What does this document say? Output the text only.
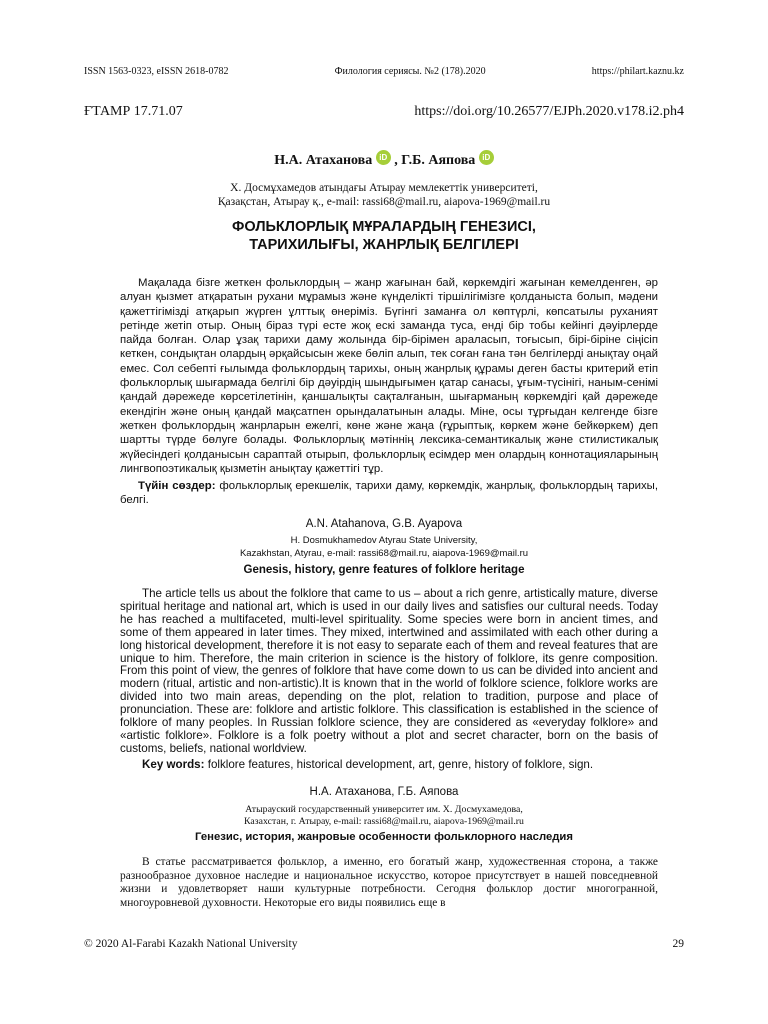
ISSN 1563-0323, eISSN 2618-0782	Филология сериясы. №2 (178).2020	https://philart.kaznu.kz
ҒТАМР 17.71.07	https://doi.org/10.26577/EJPh.2020.v178.i2.ph4
Н.А. Атаханова iD , Г.Б. Аяпова iD
Х. Досмұхамедов атындағы Атырау мемлекеттік университеті,
Қазақстан, Атырау қ., e-mail: rassi68@mail.ru, aiapova-1969@mail.ru
ФОЛЬКЛОРЛЫҚ МҰРАЛАРДЫҢ ГЕНЕЗИСІ,
ТАРИХИЛЫҒЫ, ЖАНРЛЫҚ БЕЛГІЛЕРІ

Мақалада бізге жеткен фольклордың – жанр жағынан бай, көркемдігі жағынан кемелденген, әр алуан қызмет атқаратын рухани мұрамыз және күнделікті тіршілігімізге қолданыста болып, мәдени қажеттігімізді атқарып жүрген ұлттық өнеріміз. Бүгінгі заманға ол көптүрлі, көпсатылы руханият ретінде жетіп отыр. Оның біраз түрі есте жоқ ескі заманда туса, енді бір тобы кейінгі дәуірлерде пайда болған. Олар ұзақ тарихи даму жолында бір-бірімен араласып, тоғысып, бірі-біріне сіңісіп кеткен, сондықтан олардың әрқайсысын жеке бөліп алып, тек соған ғана тән белгілерді анықтау оңай емес. Сол себепті ғылымда фольклордың тарихы, оның жанрлық құрамы деген басты критерий етіп фольклорлық шығармада белгілі бір дәуірдің шындығымен қатар санасы, ұғым-түсінігі, наным-сенімі қандай дәрежеде көрсетілетінін, қаншалықты сақталғанын, шығарманың көркемдігі қай дәрежеде екендігін және оның қандай мақсатпен орындалатынын алады. Міне, осы тұрғыдан келгенде бізге жеткен фольклордың жанрларын ежелгі, көне және жаңа (ғұрыптық, көркем және бейкөркем) деп шартты түрде бөлуге болады. Фольклорлық мәтіннің лексика-семантикалық және стилистикалық жүйесіндегі қолданысын сараптай отырып, фольклорлық есімдер мен олардың коннотацияларының лингвопоэтикалық қызметін анықтау қажеттігі тұр.

Түйін сөздер: фольклорлық ерекшелік, тарихи даму, көркемдік, жанрлық, фольклордың тарихы, белгі.

A.N. Atahanova, G.B. Ayapova
H. Dosmukhamedov Atyrau State University,
Kazakhstan, Atyrau, e-mail: rassi68@mail.ru, aiapova-1969@mail.ru
Genesis, history, genre features of folklore heritage

The article tells us about the folklore that came to us – about a rich genre, artistically mature, diverse spiritual heritage and national art, which is used in our daily lives and satisfies our cultural needs. Today he has reached a multifaceted, multi-level spirituality. Some species were born in ancient times, and some of them appeared in later times. They mixed, intertwined and assimilated with each other during a long historical development, therefore it is not easy to separate each of them and reveal features that are unique to him. Therefore, the main criterion in science is the history of folklore, its genre composition. From this point of view, the genres of folklore that have come down to us can be divided into ancient and modern (ritual, artistic and non-artistic).It is known that in the world of folklore science, folklore works are divided into two main areas, depending on the plot, relation to tradition, purpose and place of pronunciation. These are: folklore and artistic folklore. This classification is established in the science of folklore of many peoples. In Russian folklore science, they are considered as «everyday folklore» and «artistic folklore». Folklore is a folk poetry without a plot and secret character, born on the basis of customs, beliefs, national worldview.

Key words: folklore features, historical development, art, genre, history of folklore, sign.

Н.А. Атаханова, Г.Б. Аяпова
Атырауский государственный университет им. Х. Досмухамедова,
Казахстан, г. Атырау, e-mail: rassi68@mail.ru, aiapova-1969@mail.ru
Генезис, история, жанровые особенности фольклорного наследия

В статье рассматривается фольклор, а именно, его богатый жанр, художественная сторона, а также разнообразное духовное наследие и национальное искусство, которое присутствует в нашей повседневной жизни и удовлетворяет наши культурные потребности. Сегодня фольклор достиг многогранной, многоуровневой духовности. Некоторые его виды появились еще в

© 2020 Al-Farabi Kazakh National University	29
